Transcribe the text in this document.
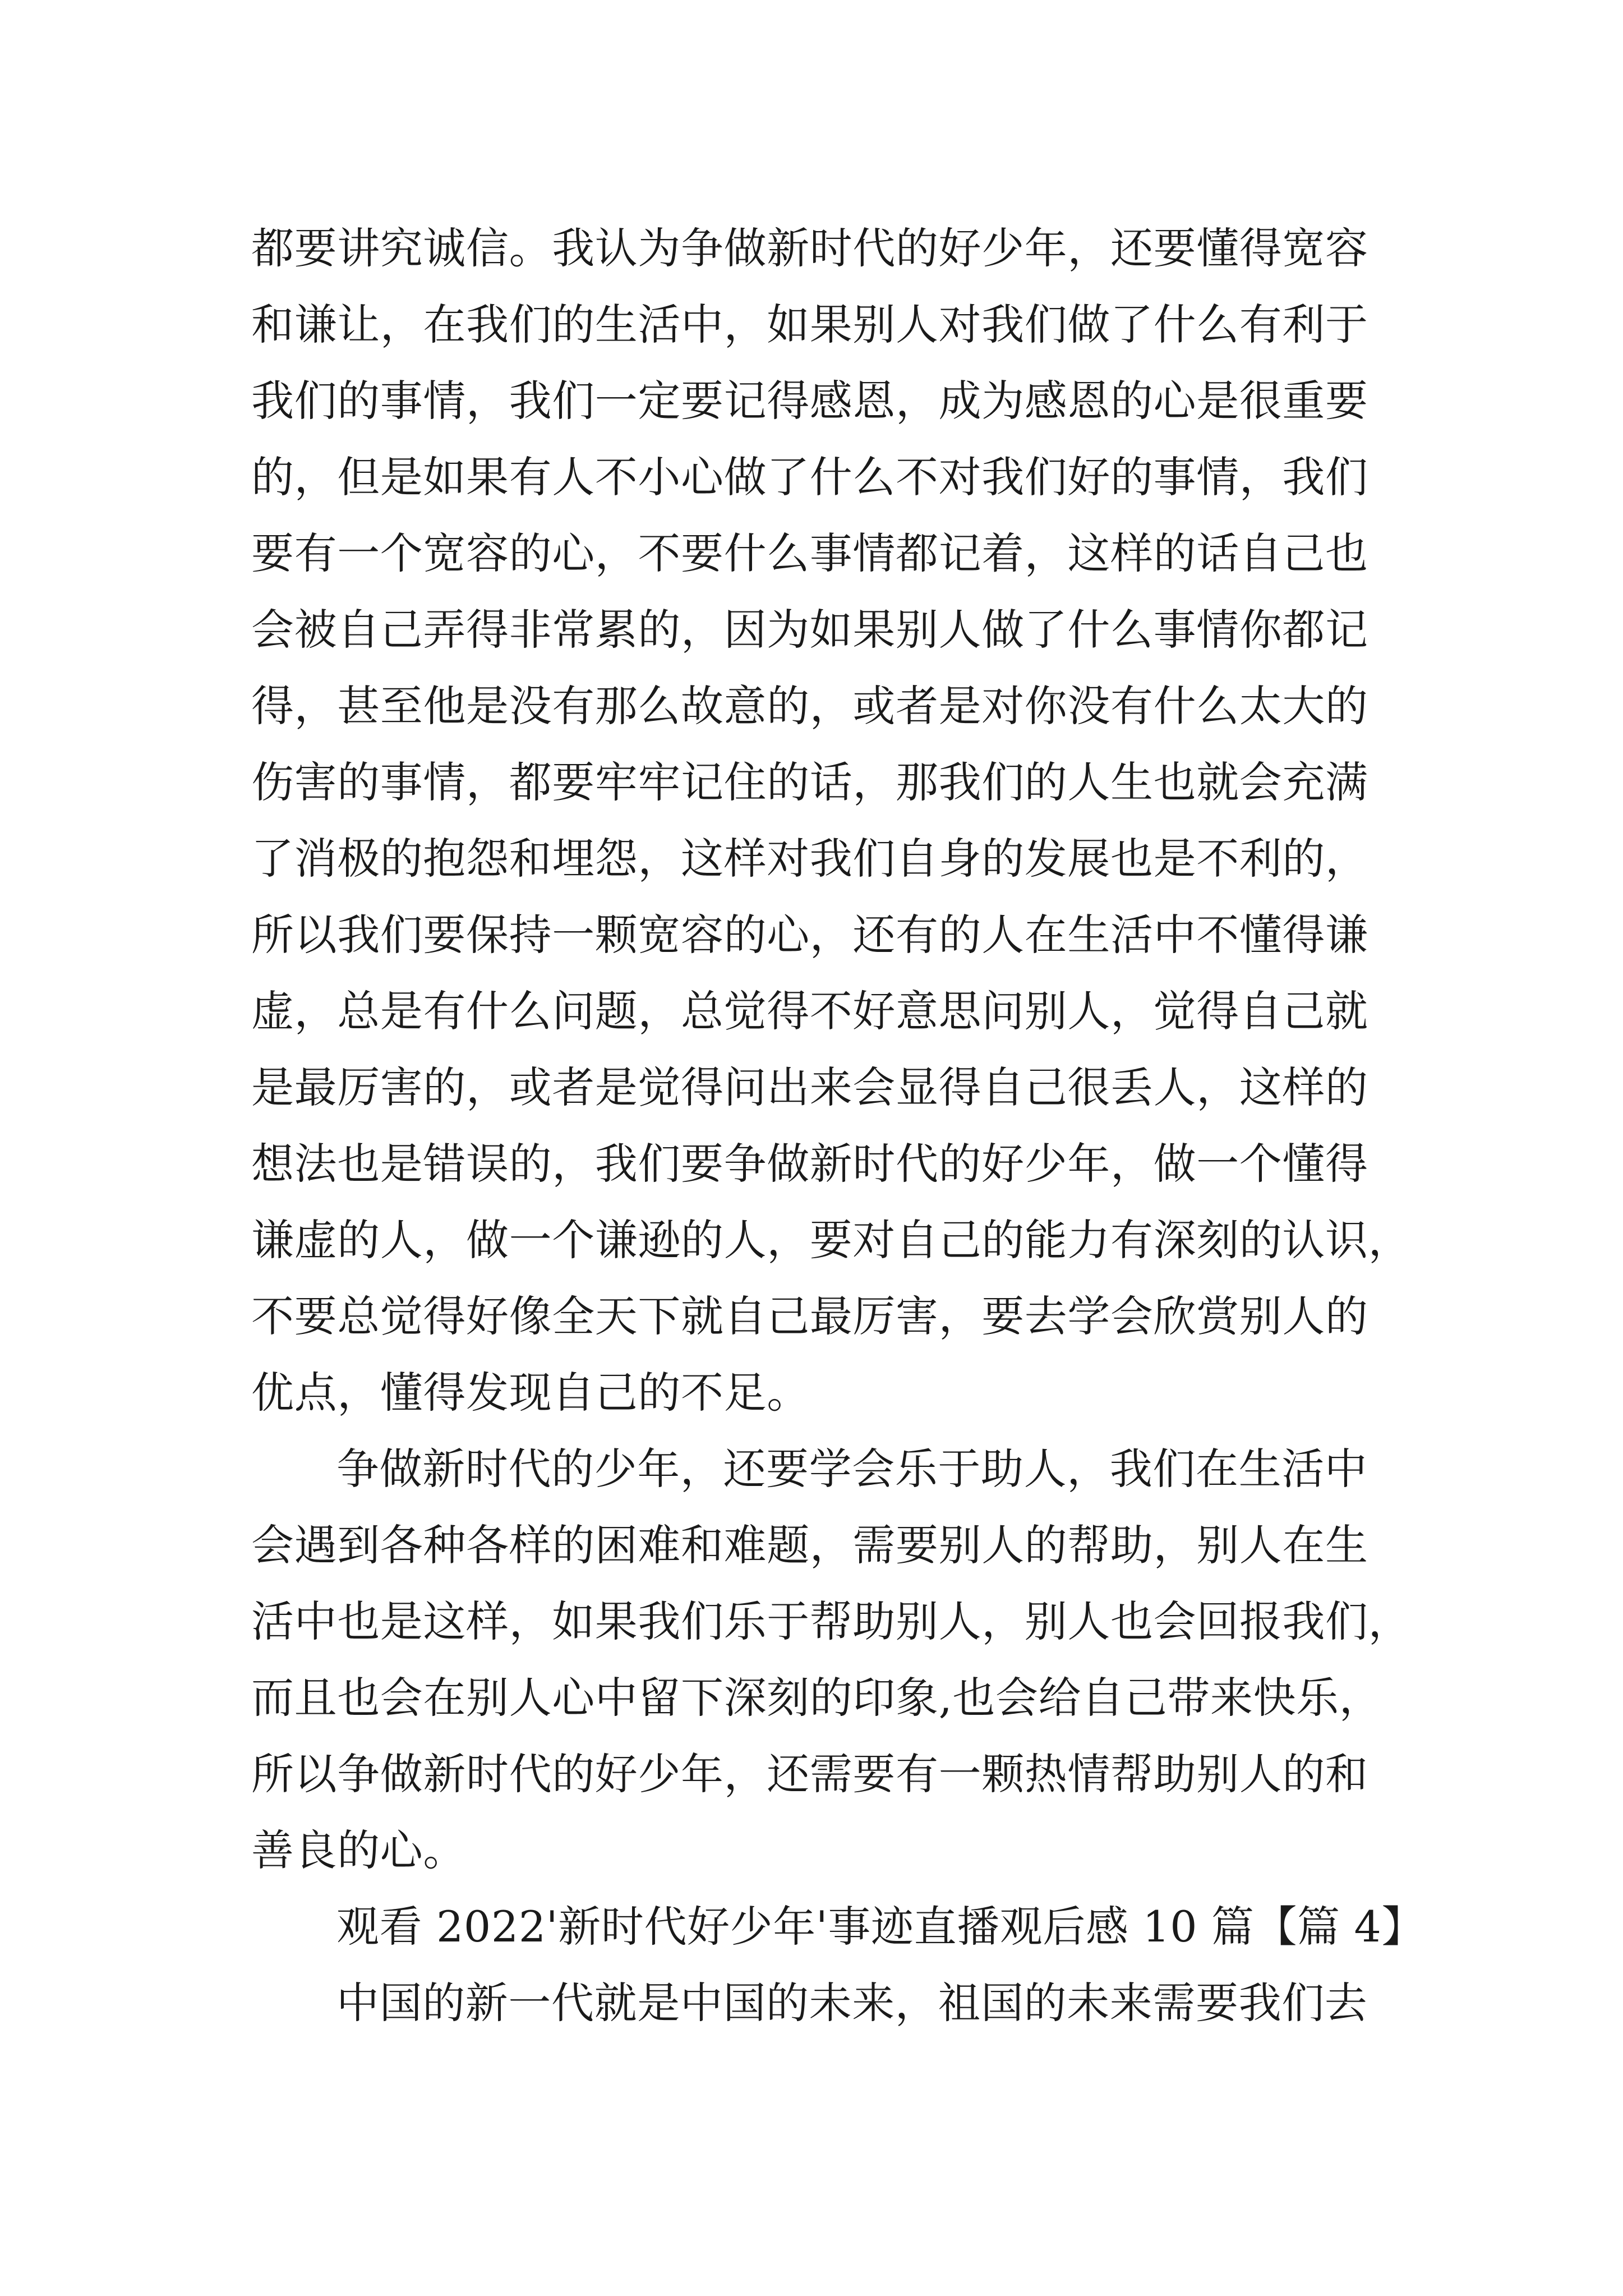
都要讲究诚信。我认为争做新时代的好少年，还要懂得宽容
和谦让，在我们的生活中，如果别人对我们做了什么有利于
我们的事情，我们一定要记得感恩，成为感恩的心是很重要
的，但是如果有人不小心做了什么不对我们好的事情，我们
要有一个宽容的心，不要什么事情都记着，这样的话自己也
会被自己弄得非常累的，因为如果别人做了什么事情你都记
得，甚至他是没有那么故意的，或者是对你没有什么太大的
伤害的事情，都要牢牢记住的话，那我们的人生也就会充满
了消极的抱怨和埋怨，这样对我们自身的发展也是不利的，
所以我们要保持一颗宽容的心，还有的人在生活中不懂得谦
虚，总是有什么问题，总觉得不好意思问别人，觉得自己就
是最厉害的，或者是觉得问出来会显得自己很丢人，这样的
想法也是错误的，我们要争做新时代的好少年，做一个懂得
谦虚的人，做一个谦逊的人，要对自己的能力有深刻的认识，
不要总觉得好像全天下就自己最厉害，要去学会欣赏别人的
优点，懂得发现自己的不足。
争做新时代的少年，还要学会乐于助人，我们在生活中
会遇到各种各样的困难和难题，需要别人的帮助，别人在生
活中也是这样，如果我们乐于帮助别人，别人也会回报我们，
而且也会在别人心中留下深刻的印象,也会给自己带来快乐，
所以争做新时代的好少年，还需要有一颗热情帮助别人的和
善良的心。
观看 2022'新时代好少年'事迹直播观后感 10 篇【篇 4】
中国的新一代就是中国的未来，祖国的未来需要我们去
